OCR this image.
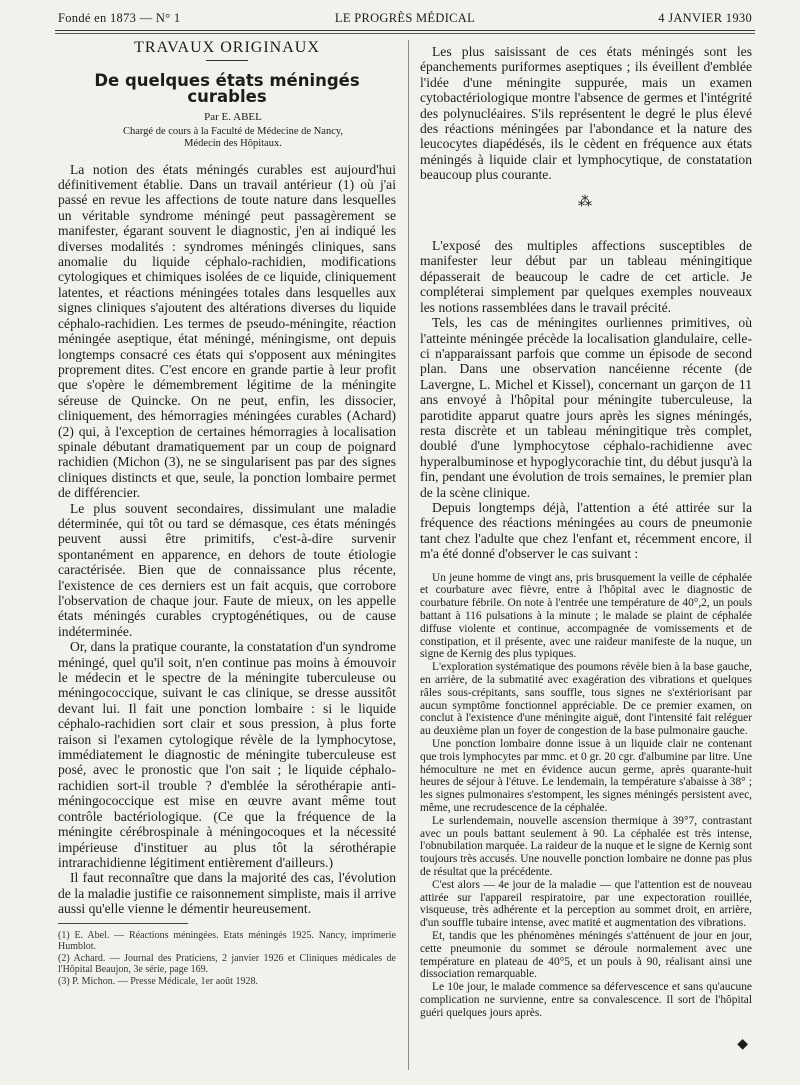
Fondé en 1873 — N° 1	LE PROGRÈS MÉDICAL	4 JANVIER 1930

TRAVAUX ORIGINAUX

De quelques états méningés curables

Par E. ABEL

Chargé de cours à la Faculté de Médecine de Nancy,

Médecin des Hôpitaux.

La notion des états méningés curables est aujourd'hui définitivement établie. Dans un travail antérieur (1) où j'ai passé en revue les affections de toute nature dans lesquelles un véritable syndrome méningé peut passagèrement se manifester, égarant souvent le diagnostic, j'en ai indiqué les diverses modalités : syndromes méningés cliniques, sans anomalie du liquide céphalo-rachidien, modifications cytologiques et chimiques isolées de ce liquide, cliniquement latentes, et réactions méningées totales dans lesquelles aux signes cliniques s'ajoutent des altérations diverses du liquide céphalo-rachidien. Les termes de pseudo-méningite, réaction méningée aseptique, état méningé, méningisme, ont depuis longtemps consacré ces états qui s'opposent aux méningites proprement dites. C'est encore en grande partie à leur profit que s'opère le démembrement légitime de la méningite séreuse de Quincke. On ne peut, enfin, les dissocier, cliniquement, des hémorragies méningées curables (Achard) (2) qui, à l'exception de certaines hémorragies à localisation spinale débutant dramatiquement par un coup de poignard rachidien (Michon (3), ne se singularisent pas par des signes cliniques distincts et que, seule, la ponction lombaire permet de différencier.

Le plus souvent secondaires, dissimulant une maladie déterminée, qui tôt ou tard se démasque, ces états méningés peuvent aussi être primitifs, c'est-à-dire survenir spontanément en apparence, en dehors de toute étiologie caractérisée. Bien que de connaissance plus récente, l'existence de ces derniers est un fait acquis, que corrobore l'observation de chaque jour. Faute de mieux, on les appelle états méningés curables cryptogénétiques, ou de cause indéterminée.

Or, dans la pratique courante, la constatation d'un syndrome méningé, quel qu'il soit, n'en continue pas moins à émouvoir le médecin et le spectre de la méningite tuberculeuse ou méningococcique, suivant le cas clinique, se dresse aussitôt devant lui. Il fait une ponction lombaire : si le liquide céphalo-rachidien sort clair et sous pression, à plus forte raison si l'examen cytologique révèle de la lymphocytose, immédiatement le diagnostic de méningite tuberculeuse est posé, avec le pronostic que l'on sait ; le liquide céphalo-rachidien sort-il trouble ? d'emblée la sérothérapie anti-méningococcique est mise en œuvre avant même tout contrôle bactériologique. (Ce que la fréquence de la méningite cérébrospinale à méningocoques et la nécessité impérieuse d'instituer au plus tôt la sérothérapie intrarachidienne légitiment entièrement d'ailleurs.)

Il faut reconnaître que dans la majorité des cas, l'évolution de la maladie justifie ce raisonnement simpliste, mais il arrive aussi qu'elle vienne le démentir heureusement.

(1) E. Abel. — Réactions méningées. Etats méningés 1925. Nancy, imprimerie Humblot.
(2) Achard. — Journal des Praticiens, 2 janvier 1926 et Cliniques médicales de l'Hôpital Beaujon, 3e série, page 169.
(3) P. Michon. — Presse Médicale, 1er août 1928.

Les plus saisissant de ces états méningés sont les épanchements puriformes aseptiques ; ils éveillent d'emblée l'idée d'une méningite suppurée, mais un examen cytobactériologique montre l'absence de germes et l'intégrité des polynucléaires. S'ils représentent le degré le plus élevé des réactions méningées par l'abondance et la nature des leucocytes diapédésés, ils le cèdent en fréquence aux états méningés à liquide clair et lymphocytique, de constatation beaucoup plus courante.

⁂

L'exposé des multiples affections susceptibles de manifester leur début par un tableau méningitique dépasserait de beaucoup le cadre de cet article. Je compléterai simplement par quelques exemples nouveaux les notions rassemblées dans le travail précité.

Tels, les cas de méningites ourliennes primitives, où l'atteinte méningée précède la localisation glandulaire, celle-ci n'apparaissant parfois que comme un épisode de second plan. Dans une observation nancéienne récente (de Lavergne, L. Michel et Kissel), concernant un garçon de 11 ans envoyé à l'hôpital pour méningite tuberculeuse, la parotidite apparut quatre jours après les signes méningés, resta discrète et un tableau méningitique très complet, doublé d'une lymphocytose céphalo-rachidienne avec hyperalbuminose et hypoglycorachie tint, du début jusqu'à la fin, pendant une évolution de trois semaines, le premier plan de la scène clinique.

Depuis longtemps déjà, l'attention a été attirée sur la fréquence des réactions méningées au cours de pneumonie tant chez l'adulte que chez l'enfant et, récemment encore, il m'a été donné d'observer le cas suivant :

Un jeune homme de vingt ans, pris brusquement la veille de céphalée et courbature avec fièvre, entre à l'hôpital avec le diagnostic de courbature fébrile. On note à l'entrée une température de 40°,2, un pouls battant à 116 pulsations à la minute ; le malade se plaint de céphalée diffuse violente et continue, accompagnée de vomissements et de constipation, et il présente, avec une raideur manifeste de la nuque, un signe de Kernig des plus typiques.

L'exploration systématique des poumons révèle bien à la base gauche, en arrière, de la submatité avec exagération des vibrations et quelques râles sous-crépitants, sans souffle, tous signes ne s'extériorisant par aucun symptôme fonctionnel appréciable. De ce premier examen, on conclut à l'existence d'une méningite aiguë, dont l'intensité fait reléguer au deuxième plan un foyer de congestion de la base pulmonaire gauche.

Une ponction lombaire donne issue à un liquide clair ne contenant que trois lymphocytes par mmc. et 0 gr. 20 cgr. d'albumine par litre. Une hémoculture ne met en évidence aucun germe, après quarante-huit heures de séjour à l'étuve. Le lendemain, la température s'abaisse à 38° ; les signes pulmonaires s'estompent, les signes méningés persistent avec, même, une recrudescence de la céphalée.

Le surlendemain, nouvelle ascension thermique à 39°7, contrastant avec un pouls battant seulement à 90. La céphalée est très intense, l'obnubilation marquée. La raideur de la nuque et le signe de Kernig sont toujours très accusés. Une nouvelle ponction lombaire ne donne pas plus de résultat que la précédente.

C'est alors — 4e jour de la maladie — que l'attention est de nouveau attirée sur l'appareil respiratoire, par une expectoration rouillée, visqueuse, très adhérente et la perception au sommet droit, en arrière, d'un souffle tubaire intense, avec matité et augmentation des vibrations.

Et, tandis que les phénomènes méningés s'atténuent de jour en jour, cette pneumonie du sommet se déroule normalement avec une température en plateau de 40°5, et un pouls à 90, réalisant ainsi une dissociation remarquable.

Le 10e jour, le malade commence sa défervescence et sans qu'aucune complication ne survienne, entre sa convalescence. Il sort de l'hôpital guéri quelques jours après.

◆
